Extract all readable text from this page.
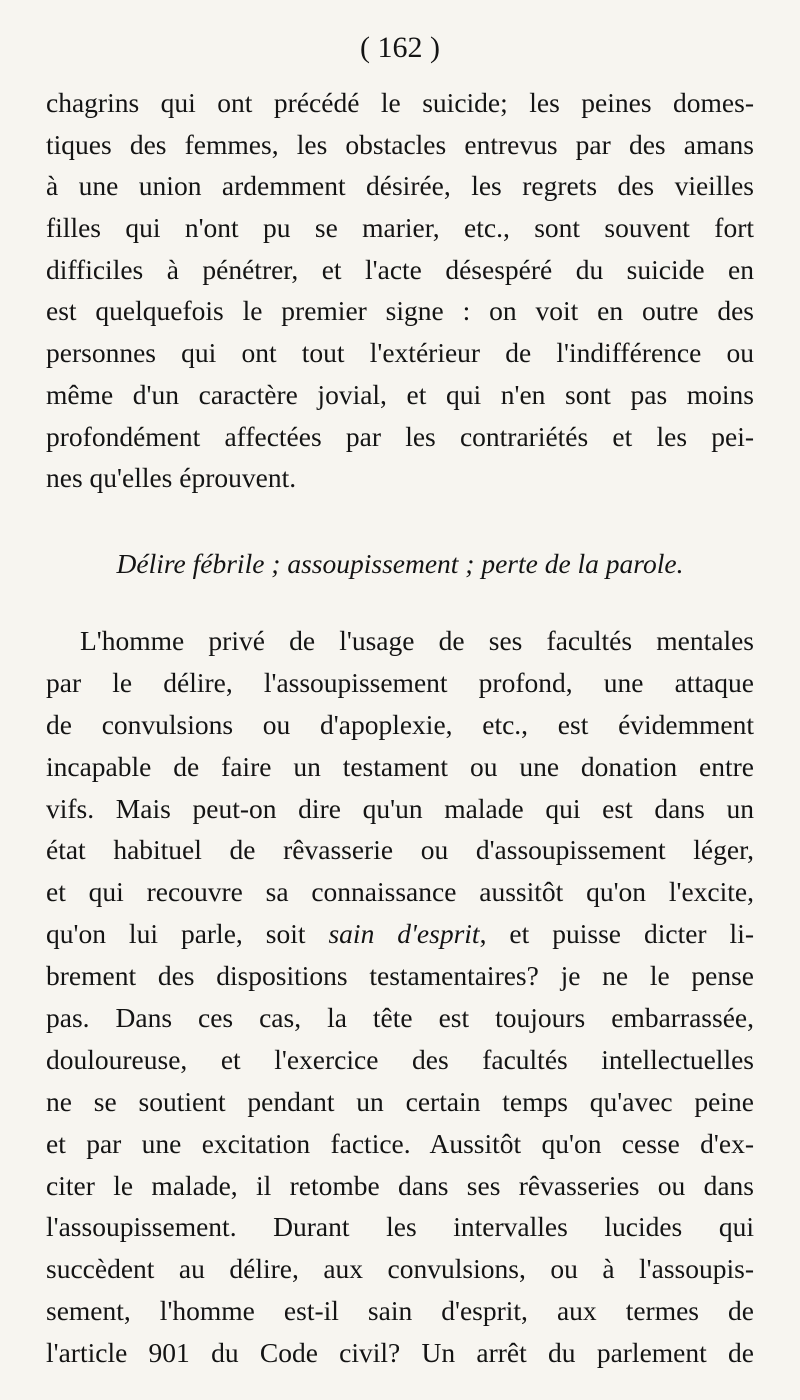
( 162 )
chagrins qui ont précédé le suicide; les peines domes-
tiques des femmes, les obstacles entrevus par des amans
à une union ardemment désirée, les regrets des vieilles
filles qui n'ont pu se marier, etc., sont souvent fort
difficiles à pénétrer, et l'acte désespéré du suicide en
est quelquefois le premier signe : on voit en outre des
personnes qui ont tout l'extérieur de l'indifférence ou
même d'un caractère jovial, et qui n'en sont pas moins
profondément affectées par les contrariétés et les pei-
nes qu'elles éprouvent.
Délire fébrile ; assoupissement ; perte de la parole.
L'homme privé de l'usage de ses facultés mentales
par le délire, l'assoupissement profond, une attaque
de convulsions ou d'apoplexie, etc., est évidemment
incapable de faire un testament ou une donation entre
vifs. Mais peut-on dire qu'un malade qui est dans un
état habituel de rêvasserie ou d'assoupissement léger,
et qui recouvre sa connaissance aussitôt qu'on l'excite,
qu'on lui parle, soit sain d'esprit, et puisse dicter li-
brement des dispositions testamentaires? je ne le pense
pas. Dans ces cas, la tête est toujours embarrassée,
douloureuse, et l'exercice des facultés intellectuelles
ne se soutient pendant un certain temps qu'avec peine
et par une excitation factice. Aussitôt qu'on cesse d'ex-
citer le malade, il retombe dans ses rêvasseries ou dans
l'assoupissement. Durant les intervalles lucides qui
succèdent au délire, aux convulsions, ou à l'assoupis-
sement, l'homme est-il sain d'esprit, aux termes de
l'article 901 du Code civil? Un arrêt du parlement de
